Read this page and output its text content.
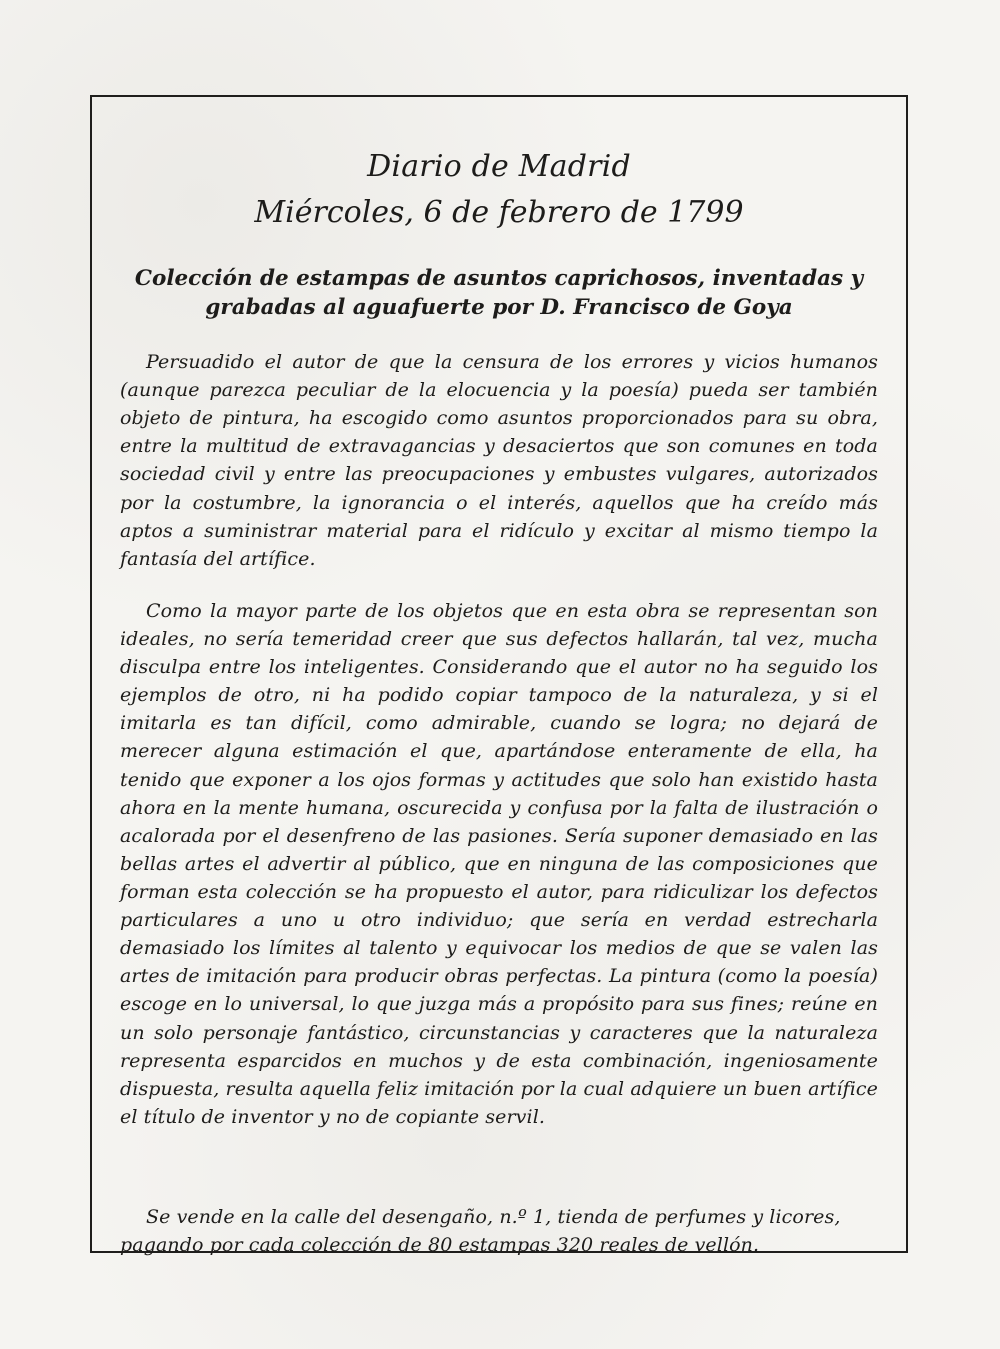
Diario de Madrid
Miércoles, 6 de febrero de 1799
Colección de estampas de asuntos caprichosos, inventadas y grabadas al aguafuerte por D. Francisco de Goya

Persuadido el autor de que la censura de los errores y vicios humanos (aunque parezca peculiar de la elocuencia y la poesía) pueda ser también objeto de pintura, ha escogido como asuntos proporcionados para su obra, entre la multitud de extravagancias y desaciertos que son comunes en toda sociedad civil y entre las preocupaciones y embustes vulgares, autorizados por la costumbre, la ignorancia o el interés, aquellos que ha creído más aptos a suministrar material para el ridículo y excitar al mismo tiempo la fantasía del artífice.

Como la mayor parte de los objetos que en esta obra se representan son ideales, no sería temeridad creer que sus defectos hallarán, tal vez, mucha disculpa entre los inteligentes. Considerando que el autor no ha seguido los ejemplos de otro, ni ha podido copiar tampoco de la naturaleza, y si el imitarla es tan difícil, como admirable, cuando se logra; no dejará de merecer alguna estimación el que, apartándose enteramente de ella, ha tenido que exponer a los ojos formas y actitudes que solo han existido hasta ahora en la mente humana, oscurecida y confusa por la falta de ilustración o acalorada por el desenfreno de las pasiones. Sería suponer demasiado en las bellas artes el advertir al público, que en ninguna de las composiciones que forman esta colección se ha propuesto el autor, para ridiculizar los defectos particulares a uno u otro individuo; que sería en verdad estrecharla demasiado los límites al talento y equivocar los medios de que se valen las artes de imitación para producir obras perfectas. La pintura (como la poesía) escoge en lo universal, lo que juzga más a propósito para sus fines; reúne en un solo personaje fantástico, circunstancias y caracteres que la naturaleza representa esparcidos en muchos y de esta combinación, ingeniosamente dispuesta, resulta aquella feliz imitación por la cual adquiere un buen artífice el título de inventor y no de copiante servil.

Se vende en la calle del desengaño, n.º 1, tienda de perfumes y licores, pagando por cada colección de 80 estampas 320 reales de vellón.
